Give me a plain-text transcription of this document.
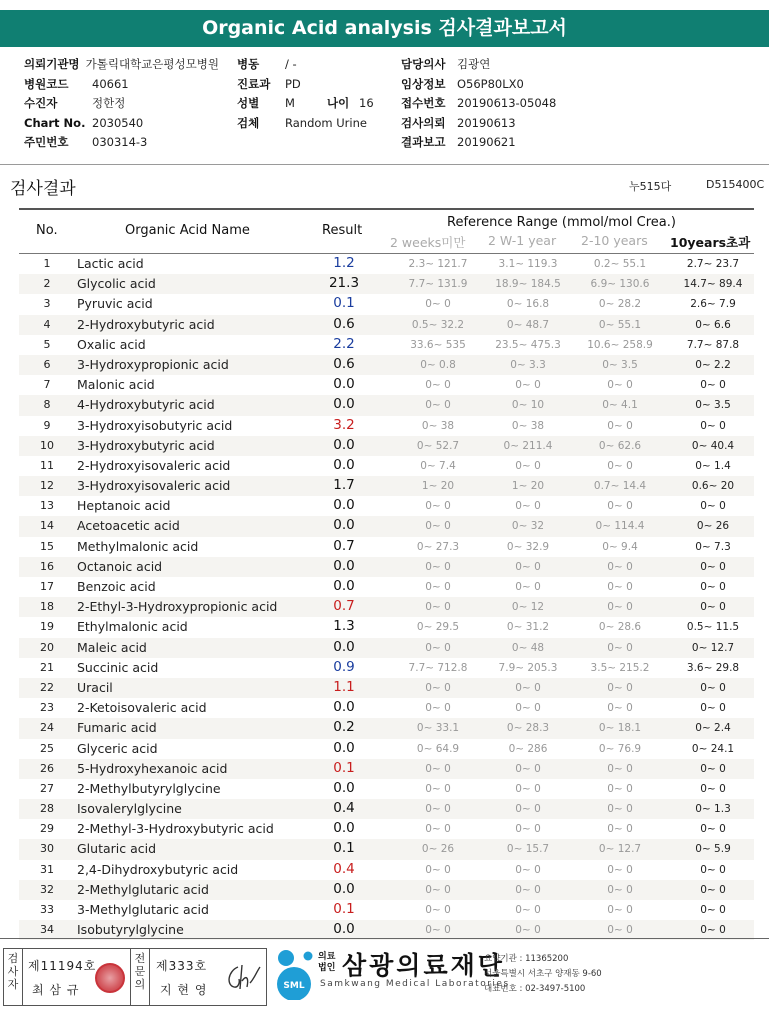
Organic Acid analysis 검사결과보고서
의뢰기관명 가톨릭대학교은평성모병원
병원코드 40661
수진자	정한정
Chart No. 2030540
주민번호 030314-3
병동 / -
진료과 PD
성별 M	나이 16
검체 Random Urine
담당의사 김광연
임상정보 O56P80LX0
접수번호 20190613-05048
검사의뢰 20190613
결과보고 20190621
검사결과	누515다	D515400C
No.	Organic Acid Name	Result
Reference Range (mmol/mol Crea.)
2 weeks미만 2 W-1 year 2-10 years 10years초과
1	Lactic acid	1.2	2.3~ 121.7	3.1~ 119.3	0.2~ 55.1	2.7~ 23.7
2	Glycolic acid	21.3	7.7~ 131.9	18.9~ 184.5	6.9~ 130.6	14.7~ 89.4
3	Pyruvic acid	0.1	0~ 0	0~ 16.8	0~ 28.2	2.6~ 7.9
4	2-Hydroxybutyric acid	0.6	0.5~ 32.2	0~ 48.7	0~ 55.1	0~ 6.6
5	Oxalic acid	2.2	33.6~ 535	23.5~ 475.3	10.6~ 258.9	7.7~ 87.8
6	3-Hydroxypropionic acid	0.6	0~ 0.8	0~ 3.3	0~ 3.5	0~ 2.2
7	Malonic acid	0.0	0~ 0	0~ 0	0~ 0	0~ 0
8	4-Hydroxybutyric acid	0.0	0~ 0	0~ 10	0~ 4.1	0~ 3.5
9	3-Hydroxyisobutyric acid	3.2	0~ 38	0~ 38	0~ 0	0~ 0
10	3-Hydroxybutyric acid	0.0	0~ 52.7	0~ 211.4	0~ 62.6	0~ 40.4
11	2-Hydroxyisovaleric acid	0.0	0~ 7.4	0~ 0	0~ 0	0~ 1.4
12	3-Hydroxyisovaleric acid	1.7	1~ 20	1~ 20	0.7~ 14.4	0.6~ 20
13	Heptanoic acid	0.0	0~ 0	0~ 0	0~ 0	0~ 0
14	Acetoacetic acid	0.0	0~ 0	0~ 32	0~ 114.4	0~ 26
15	Methylmalonic acid	0.7	0~ 27.3	0~ 32.9	0~ 9.4	0~ 7.3
16	Octanoic acid	0.0	0~ 0	0~ 0	0~ 0	0~ 0
17	Benzoic acid	0.0	0~ 0	0~ 0	0~ 0	0~ 0
18	2-Ethyl-3-Hydroxypropionic acid	0.7	0~ 0	0~ 12	0~ 0	0~ 0
19	Ethylmalonic acid	1.3	0~ 29.5	0~ 31.2	0~ 28.6	0.5~ 11.5
20	Maleic acid	0.0	0~ 0	0~ 48	0~ 0	0~ 12.7
21	Succinic acid	0.9	7.7~ 712.8	7.9~ 205.3	3.5~ 215.2	3.6~ 29.8
22	Uracil	1.1	0~ 0	0~ 0	0~ 0	0~ 0
23	2-Ketoisovaleric acid	0.0	0~ 0	0~ 0	0~ 0	0~ 0
24	Fumaric acid	0.2	0~ 33.1	0~ 28.3	0~ 18.1	0~ 2.4
25	Glyceric acid	0.0	0~ 64.9	0~ 286	0~ 76.9	0~ 24.1
26	5-Hydroxyhexanoic acid	0.1	0~ 0	0~ 0	0~ 0	0~ 0
27	2-Methylbutyrylglycine	0.0	0~ 0	0~ 0	0~ 0	0~ 0
28	Isovalerylglycine	0.4	0~ 0	0~ 0	0~ 0	0~ 1.3
29	2-Methyl-3-Hydroxybutyric acid	0.0	0~ 0	0~ 0	0~ 0	0~ 0
30	Glutaric acid	0.1	0~ 26	0~ 15.7	0~ 12.7	0~ 5.9
31	2,4-Dihydroxybutyric acid	0.4	0~ 0	0~ 0	0~ 0	0~ 0
32	2-Methylglutaric acid	0.0	0~ 0	0~ 0	0~ 0	0~ 0
33	3-Methylglutaric acid	0.1	0~ 0	0~ 0	0~ 0	0~ 0
34	Isobutyrylglycine	0.0	0~ 0	0~ 0	0~ 0	0~ 0
검사자
제11194호
최 삼 규
전문의
제333호
지 현 영	SML
의료법인 삼광의료재단
Samkwang Medical Laboratories
요양기관 : 11365200
서울특별시 서초구 양재동 9-60
대표번호 : 02-3497-5100
